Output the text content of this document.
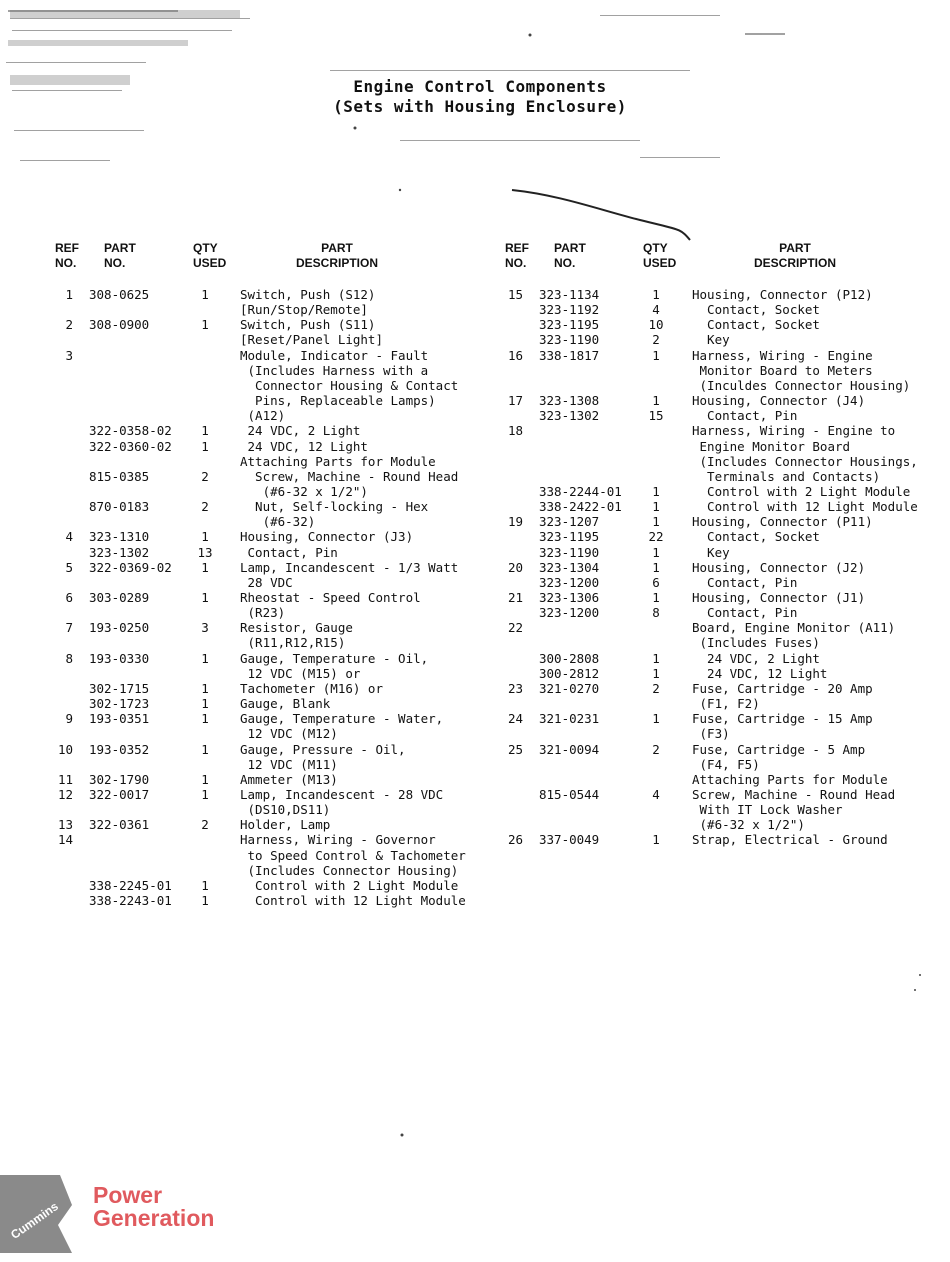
Engine Control Components
(Sets with Housing Enclosure)
REF
NO.
PART
NO.
QTY
USED
PART
DESCRIPTION
REF
NO.
PART
NO.
QTY
USED
PART
DESCRIPTION
1 308-0625	1	Switch, Push (S12)
[Run/Stop/Remote]
2 308-0900	1	Switch, Push (S11)
[Reset/Panel Light]
3	Module, Indicator - Fault
(Includes Harness with a
Connector Housing & Contact
Pins, Replaceable Lamps)
(A12)
322-0358-02	1	24 VDC, 2 Light
322-0360-02	1	24 VDC, 12 Light
Attaching Parts for Module
815-0385	2	Screw, Machine - Round Head
(#6-32 x 1/2")
870-0183	2	Nut, Self-locking - Hex
(#6-32)
4 323-1310	1	Housing, Connector (J3)
323-1302	13	Contact, Pin
5 322-0369-02	1	Lamp, Incandescent - 1/3 Watt
28 VDC
6 303-0289	1	Rheostat - Speed Control
(R23)
7 193-0250	3	Resistor, Gauge
(R11,R12,R15)
8 193-0330	1	Gauge, Temperature - Oil,
12 VDC (M15) or
302-1715	1	Tachometer (M16) or
302-1723	1	Gauge, Blank
9 193-0351	1	Gauge, Temperature - Water,
12 VDC (M12)
10 193-0352	1	Gauge, Pressure - Oil,
12 VDC (M11)
11 302-1790	1	Ammeter (M13)
12 322-0017	1	Lamp, Incandescent - 28 VDC
(DS10,DS11)
13 322-0361	2	Holder, Lamp
14	Harness, Wiring - Governor
to Speed Control & Tachometer
(Includes Connector Housing)
338-2245-01	1	Control with 2 Light Module
338-2243-01	1	Control with 12 Light Module
15 323-1134	1	Housing, Connector (P12)
323-1192	4	Contact, Socket
323-1195	10	Contact, Socket
323-1190	2	Key
16 338-1817	1	Harness, Wiring - Engine
Monitor Board to Meters
(Inculdes Connector Housing)
17 323-1308	1	Housing, Connector (J4)
323-1302	15	Contact, Pin
18	Harness, Wiring - Engine to
Engine Monitor Board
(Includes Connector Housings,
Terminals and Contacts)
338-2244-01	1	Control with 2 Light Module
338-2422-01	1	Control with 12 Light Module
19 323-1207	1	Housing, Connector (P11)
323-1195	22	Contact, Socket
323-1190	1	Key
20 323-1304	1	Housing, Connector (J2)
323-1200	6	Contact, Pin
21 323-1306	1	Housing, Connector (J1)
323-1200	8	Contact, Pin
22	Board, Engine Monitor (A11)
(Includes Fuses)
300-2808	1	24 VDC, 2 Light
300-2812	1	24 VDC, 12 Light
23 321-0270	2	Fuse, Cartridge - 20 Amp
(F1, F2)
24 321-0231	1	Fuse, Cartridge - 15 Amp
(F3)
25 321-0094	2	Fuse, Cartridge - 5 Amp
(F4, F5)
Attaching Parts for Module
815-0544	4	Screw, Machine - Round Head
With IT Lock Washer
(#6-32 x 1/2")
26 337-0049	1	Strap, Electrical - Ground
Cummins
Power
Generation
